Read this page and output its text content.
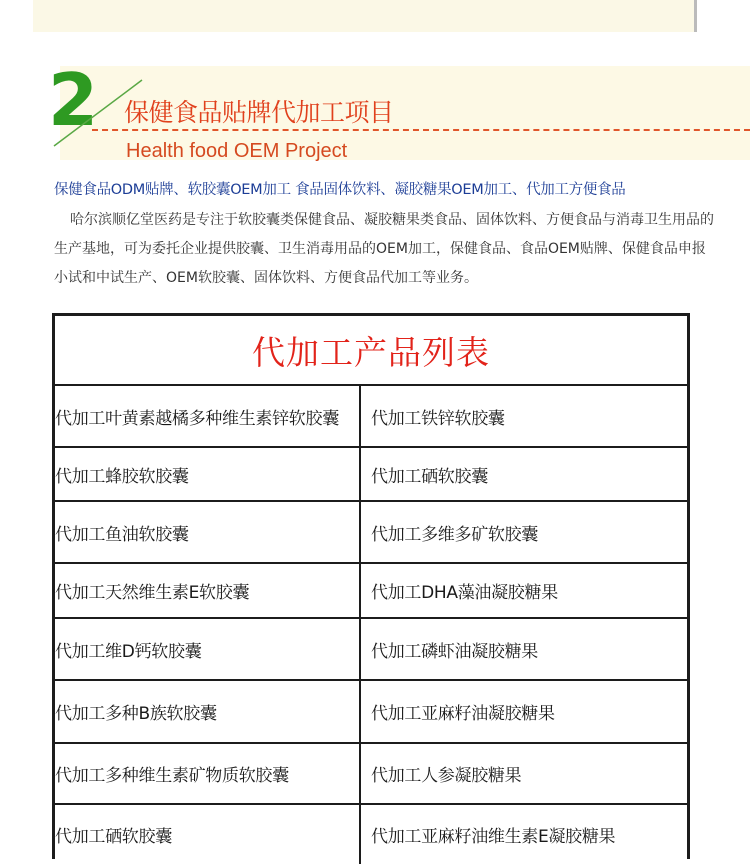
2 保健食品贴牌代加工项目
Health food OEM Project
保健食品ODM贴牌、软胶囊OEM加工 食品固体饮料、凝胶糖果OEM加工、代加工方便食品

哈尔滨顺亿堂医药是专注于软胶囊类保健食品、凝胶糖果类食品、固体饮料、方便食品与消毒卫生用品的生产基地，可为委托企业提供胶囊、卫生消毒用品的OEM加工，保健食品、食品OEM贴牌、保健食品申报小试和中试生产、OEM软胶囊、固体饮料、方便食品代加工等业务。

代加工产品列表
代加工叶黄素越橘多种维生素锌软胶囊	代加工铁锌软胶囊
代加工蜂胶软胶囊	代加工硒软胶囊
代加工鱼油软胶囊	代加工多维多矿软胶囊
代加工天然维生素E软胶囊	代加工DHA藻油凝胶糖果
代加工维D钙软胶囊	代加工磷虾油凝胶糖果
代加工多种B族软胶囊	代加工亚麻籽油凝胶糖果
代加工多种维生素矿物质软胶囊	代加工人参凝胶糖果
代加工硒软胶囊	代加工亚麻籽油维生素E凝胶糖果
